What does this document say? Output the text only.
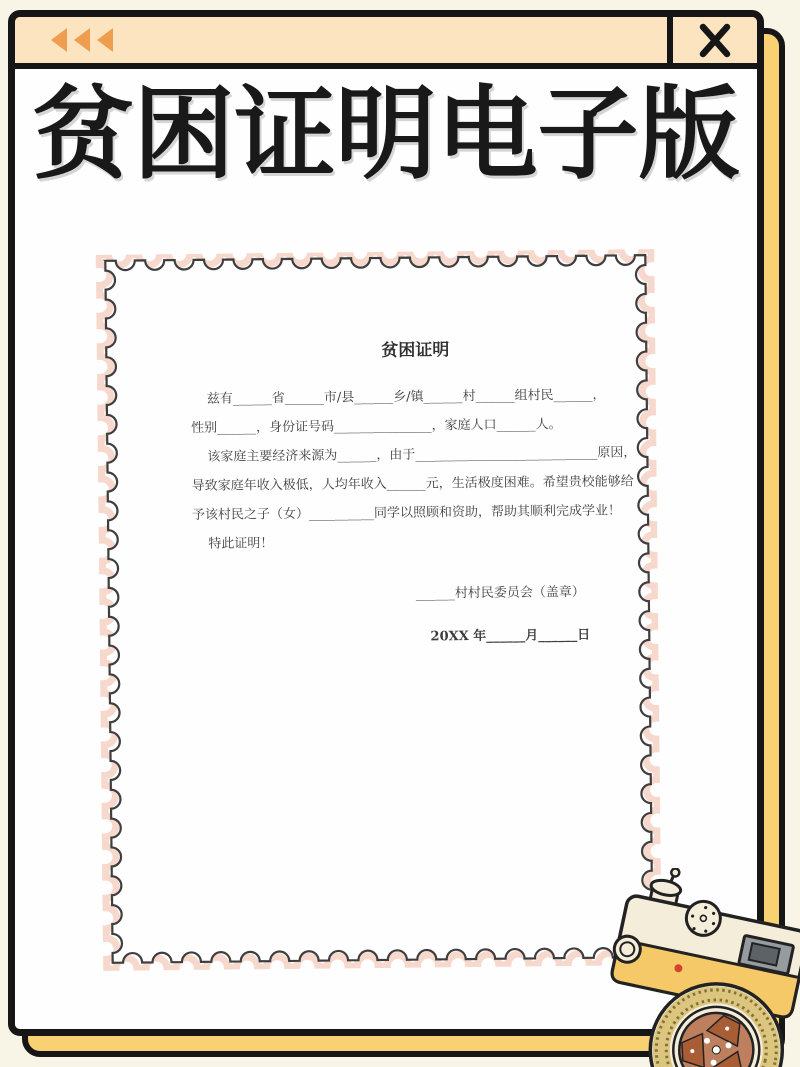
贫困证明电子版
贫困证明
兹有______省______市/县______乡/镇______村______组村民______，
性别______，身份证号码_______________，家庭人口______人。
该家庭主要经济来源为______，由于____________________________原因，
导致家庭年收入极低，人均年收入______元，生活极度困难。希望贵校能够给
予该村民之子（女）__________同学以照顾和资助，帮助其顺利完成学业！
特此证明！
______村村民委员会（盖章）
20XX 年______月______日
